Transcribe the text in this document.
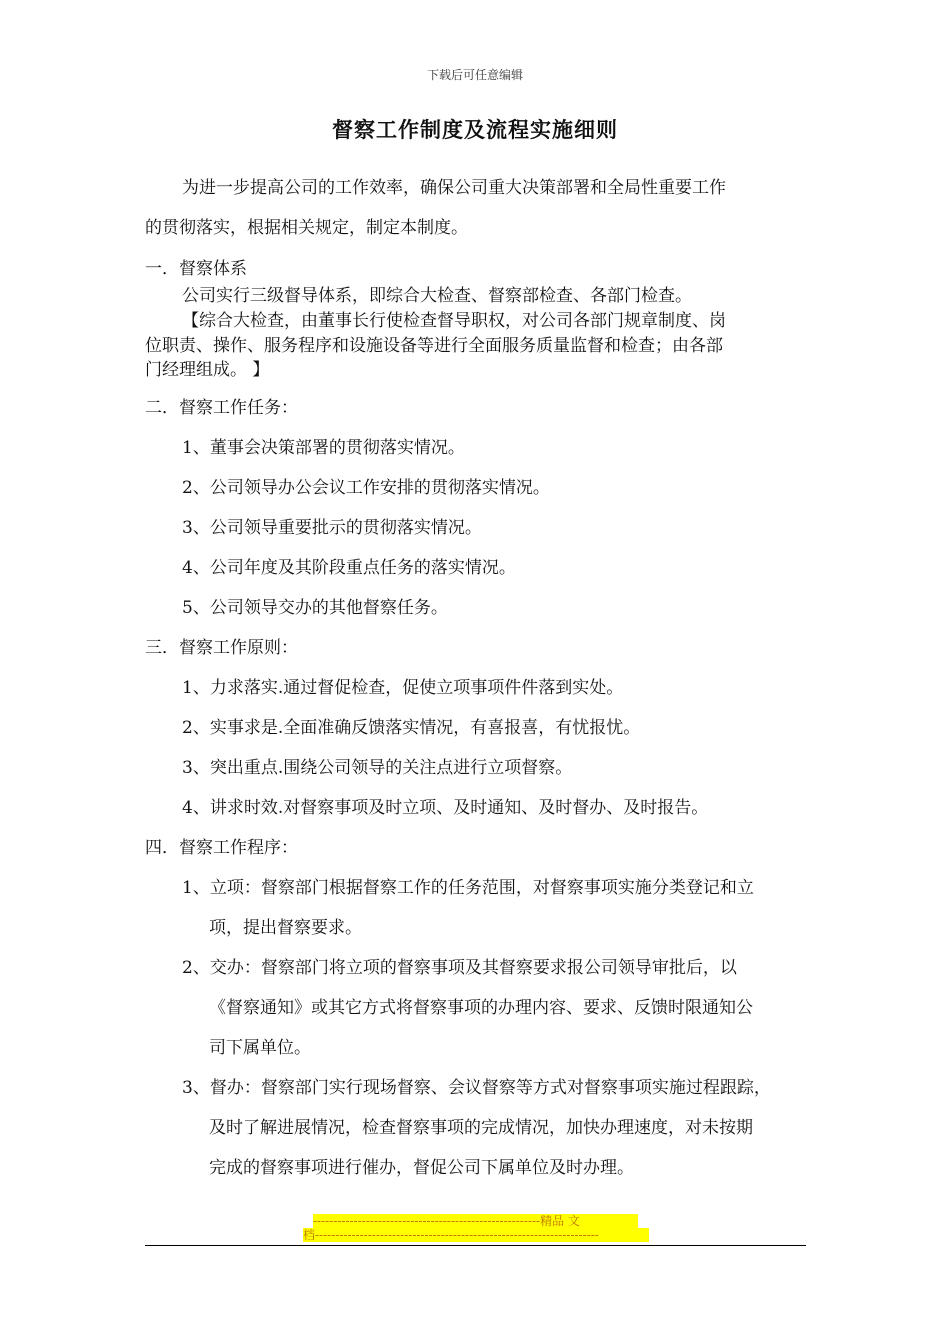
下载后可任意编辑
督察工作制度及流程实施细则
为进一步提高公司的工作效率，确保公司重大决策部署和全局性重要工作
的贯彻落实，根据相关规定，制定本制度。
一．督察体系
公司实行三级督导体系，即综合大检查、督察部检查、各部门检查。
【综合大检查，由董事长行使检查督导职权，对公司各部门规章制度、岗
位职责、操作、服务程序和设施设备等进行全面服务质量监督和检查；由各部
门经理组成。 】
二．督察工作任务：
1、董事会决策部署的贯彻落实情况。
2、公司领导办公会议工作安排的贯彻落实情况。
3、公司领导重要批示的贯彻落实情况。
4、公司年度及其阶段重点任务的落实情况。
5、公司领导交办的其他督察任务。
三．督察工作原则：
1、力求落实.通过督促检查，促使立项事项件件落到实处。
2、实事求是.全面准确反馈落实情况，有喜报喜，有忧报忧。
3、突出重点.围绕公司领导的关注点进行立项督察。
4、讲求时效.对督察事项及时立项、及时通知、及时督办、及时报告。
四．督察工作程序：
1、立项：督察部门根据督察工作的任务范围，对督察事项实施分类登记和立
项，提出督察要求。
2、交办：督察部门将立项的督察事项及其督察要求报公司领导审批后，以
《督察通知》或其它方式将督察事项的办理内容、要求、反馈时限通知公
司下属单位。
3、督办：督察部门实行现场督察、会议督察等方式对督察事项实施过程跟踪，
及时了解进展情况，检查督察事项的完成情况，加快办理速度，对未按期
完成的督察事项进行催办，督促公司下属单位及时办理。
--------------------------------------------------------精品 文
档----------------------------------------------------------------------
